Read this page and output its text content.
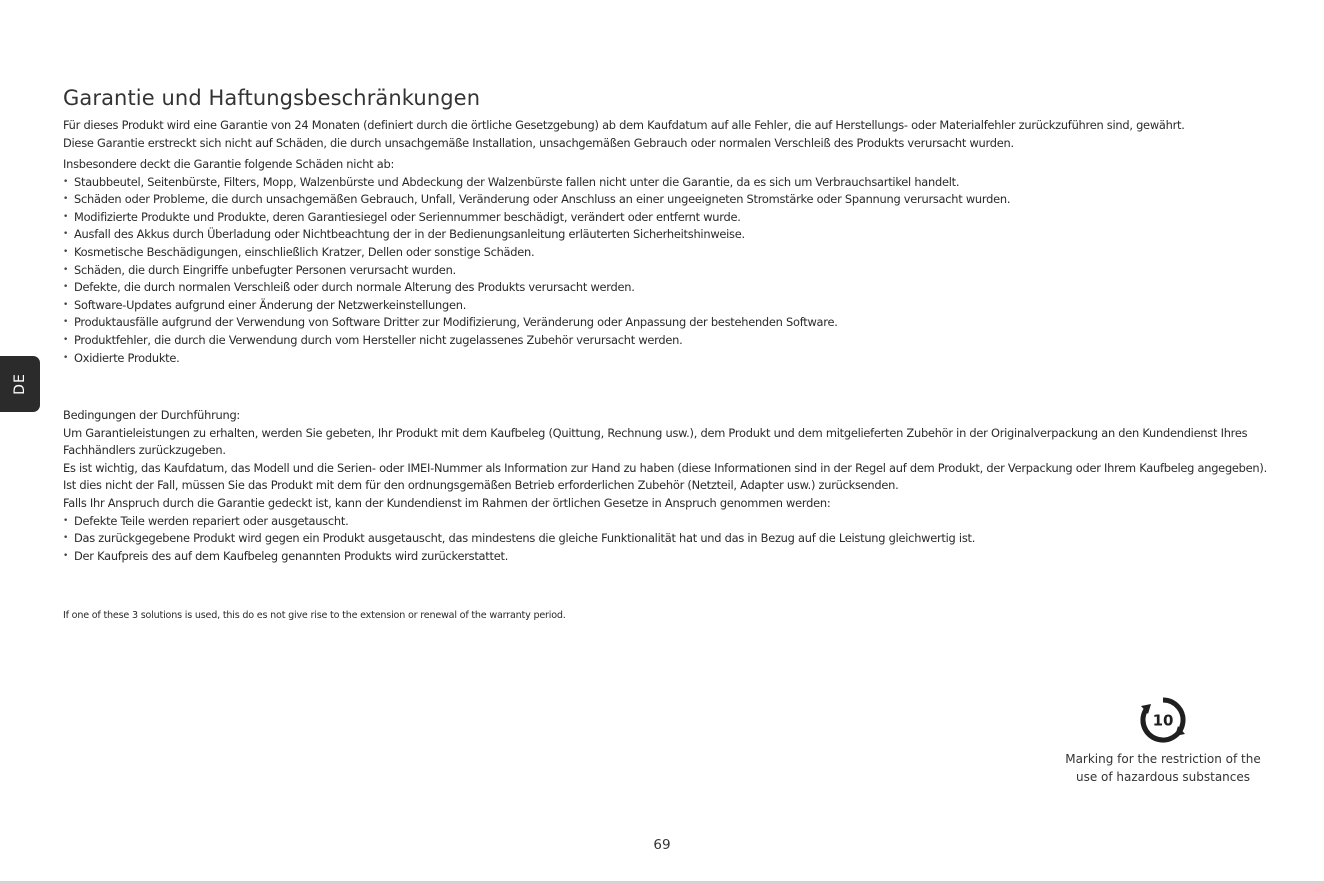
Garantie und Haftungsbeschränkungen

Für dieses Produkt wird eine Garantie von 24 Monaten (definiert durch die örtliche Gesetzgebung) ab dem Kaufdatum auf alle Fehler, die auf Herstellungs- oder Materialfehler zurückzuführen sind, gewährt.

Diese Garantie erstreckt sich nicht auf Schäden, die durch unsachgemäße Installation, unsachgemäßen Gebrauch oder normalen Verschleiß des Produkts verursacht wurden.

Insbesondere deckt die Garantie folgende Schäden nicht ab:

• Staubbeutel, Seitenbürste, Filters, Mopp, Walzenbürste und Abdeckung der Walzenbürste fallen nicht unter die Garantie, da es sich um Verbrauchsartikel handelt.
• Schäden oder Probleme, die durch unsachgemäßen Gebrauch, Unfall, Veränderung oder Anschluss an einer ungeeigneten Stromstärke oder Spannung verursacht wurden.
• Modifizierte Produkte und Produkte, deren Garantiesiegel oder Seriennummer beschädigt, verändert oder entfernt wurde.
• Ausfall des Akkus durch Überladung oder Nichtbeachtung der in der Bedienungsanleitung erläuterten Sicherheitshinweise.
• Kosmetische Beschädigungen, einschließlich Kratzer, Dellen oder sonstige Schäden.
• Schäden, die durch Eingriffe unbefugter Personen verursacht wurden.
• Defekte, die durch normalen Verschleiß oder durch normale Alterung des Produkts verursacht werden.
• Software-Updates aufgrund einer Änderung der Netzwerkeinstellungen.
• Produktausfälle aufgrund der Verwendung von Software Dritter zur Modifizierung, Veränderung oder Anpassung der bestehenden Software.
• Produktfehler, die durch die Verwendung durch vom Hersteller nicht zugelassenes Zubehör verursacht werden.
• Oxidierte Produkte.

Bedingungen der Durchführung:

Um Garantieleistungen zu erhalten, werden Sie gebeten, Ihr Produkt mit dem Kaufbeleg (Quittung, Rechnung usw.), dem Produkt und dem mitgelieferten Zubehör in der Originalverpackung an den Kundendienst Ihres Fachhändlers zurückzugeben.

Es ist wichtig, das Kaufdatum, das Modell und die Serien- oder IMEI-Nummer als Information zur Hand zu haben (diese Informationen sind in der Regel auf dem Produkt, der Verpackung oder Ihrem Kaufbeleg angegeben).

Ist dies nicht der Fall, müssen Sie das Produkt mit dem für den ordnungsgemäßen Betrieb erforderlichen Zubehör (Netzteil, Adapter usw.) zurücksenden.

Falls Ihr Anspruch durch die Garantie gedeckt ist, kann der Kundendienst im Rahmen der örtlichen Gesetze in Anspruch genommen werden:

• Defekte Teile werden repariert oder ausgetauscht.
• Das zurückgegebene Produkt wird gegen ein Produkt ausgetauscht, das mindestens die gleiche Funktionalität hat und das in Bezug auf die Leistung gleichwertig ist.
• Der Kaufpreis des auf dem Kaufbeleg genannten Produkts wird zurückerstattet.

If one of these 3 solutions is used, this do es not give rise to the extension or renewal of the warranty period.

DE
10
Marking for the restriction of the
use of hazardous substances
69
